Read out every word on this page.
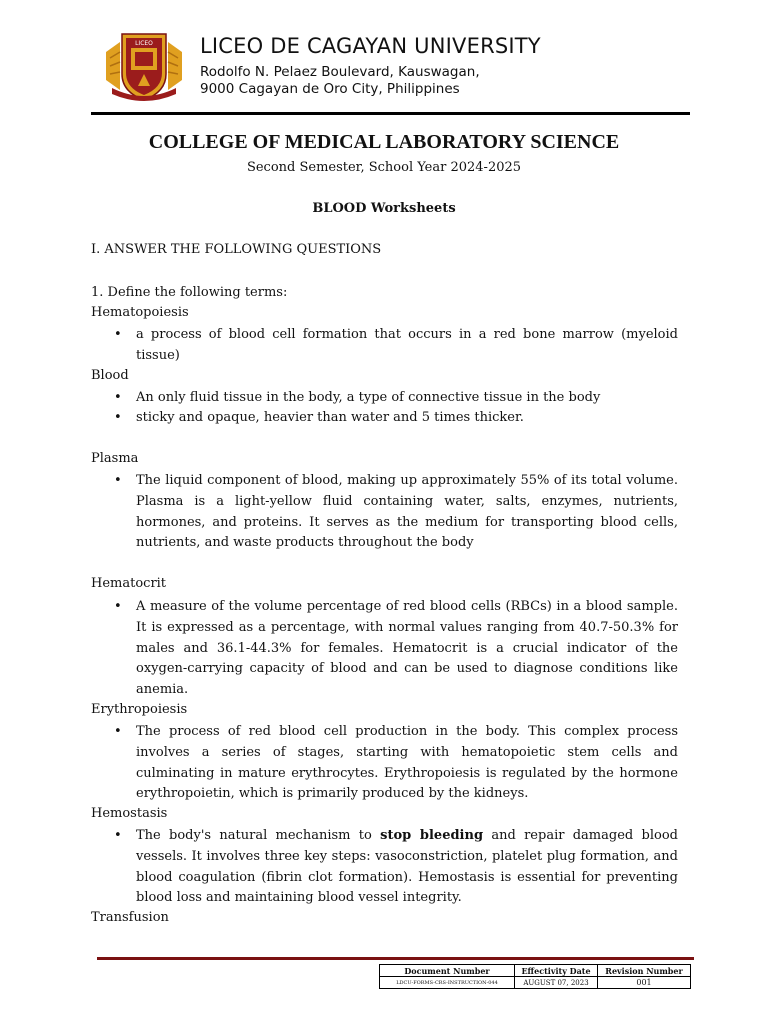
LICEO LICEO DE CAGAYAN UNIVERSITY
Rodolfo N. Pelaez Boulevard, Kauswagan,
9000 Cagayan de Oro City, Philippines
COLLEGE OF MEDICAL LABORATORY SCIENCE
Second Semester, School Year 2024-2025
BLOOD Worksheets
I. ANSWER THE FOLLOWING QUESTIONS
1. Define the following terms:
Hematopoiesis
• a process of blood cell formation that occurs in a red bone marrow (myeloid tissue)
Blood
• An only fluid tissue in the body, a type of connective tissue in the body
• sticky and opaque, heavier than water and 5 times thicker.
Plasma
• The liquid component of blood, making up approximately 55% of its total volume. Plasma is a light-yellow fluid containing water, salts, enzymes, nutrients, hormones, and proteins. It serves as the medium for transporting blood cells, nutrients, and waste products throughout the body
Hematocrit
• A measure of the volume percentage of red blood cells (RBCs) in a blood sample. It is expressed as a percentage, with normal values ranging from 40.7-50.3% for males and 36.1-44.3% for females. Hematocrit is a crucial indicator of the oxygen-carrying capacity of blood and can be used to diagnose conditions like anemia.
Erythropoiesis
• The process of red blood cell production in the body. This complex process involves a series of stages, starting with hematopoietic stem cells and culminating in mature erythrocytes. Erythropoiesis is regulated by the hormone erythropoietin, which is primarily produced by the kidneys.
Hemostasis
• The body's natural mechanism to stop bleeding and repair damaged blood vessels. It involves three key steps: vasoconstriction, platelet plug formation, and blood coagulation (fibrin clot formation). Hemostasis is essential for preventing blood loss and maintaining blood vessel integrity.
Transfusion
Document Number	Effectivity Date	Revision Number
LDCU-FORMS-CRS-INSTRUCTION-044	AUGUST 07, 2023	001
